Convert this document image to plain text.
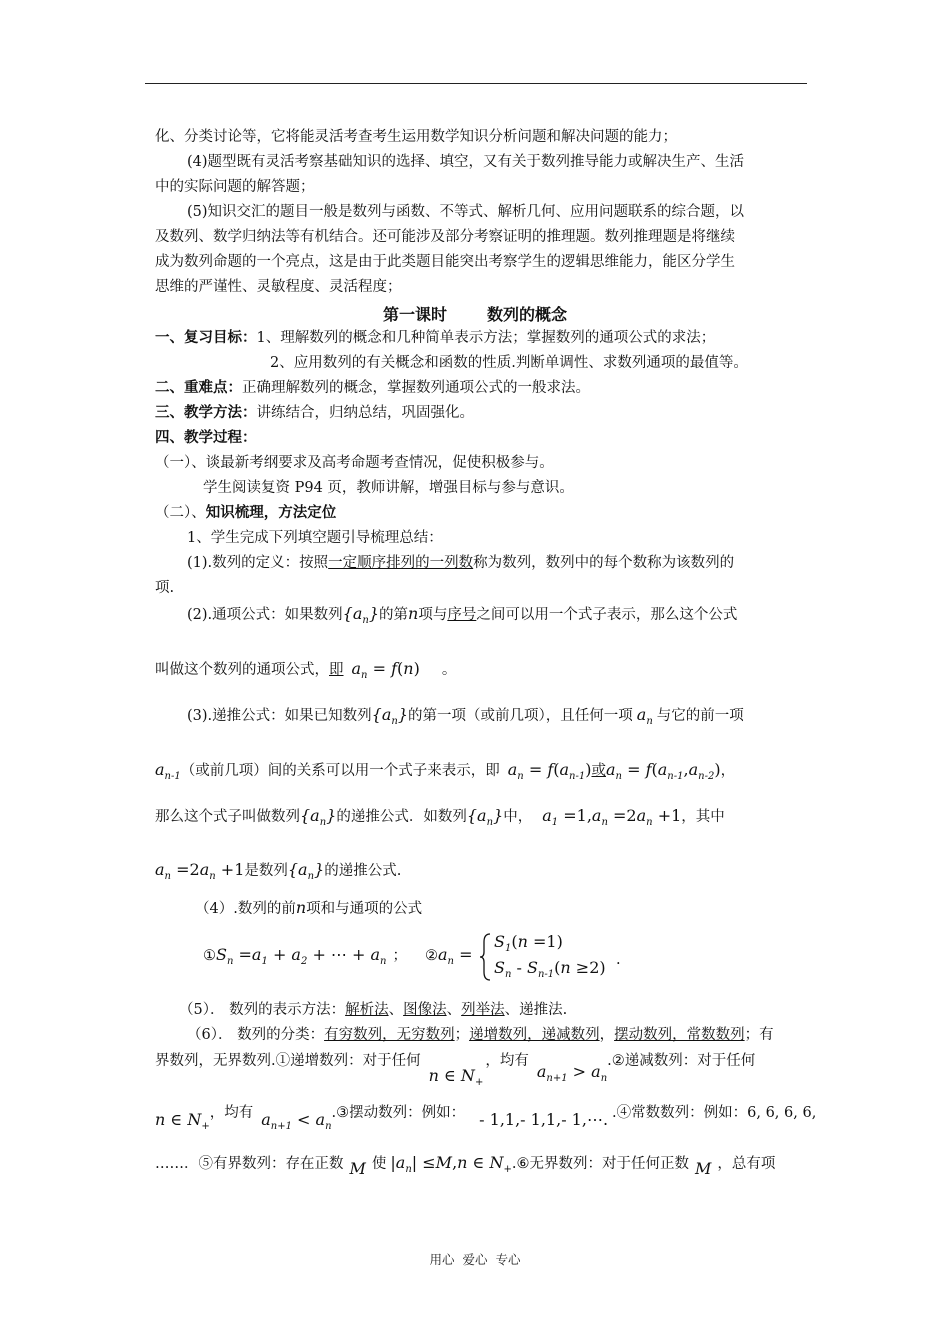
化、分类讨论等，它将能灵活考查考生运用数学知识分析问题和解决问题的能力；
(4)题型既有灵活考察基础知识的选择、填空，又有关于数列推导能力或解决生产、生活
中的实际问题的解答题；
(5)知识交汇的题目一般是数列与函数、不等式、解析几何、应用问题联系的综合题，以
及数列、数学归纳法等有机结合。还可能涉及部分考察证明的推理题。数列推理题是将继续
成为数列命题的一个亮点，这是由于此类题目能突出考察学生的逻辑思维能力，能区分学生
思维的严谨性、灵敏程度、灵活程度；
第一课时	数列的概念
一、复习目标：1、理解数列的概念和几种简单表示方法；掌握数列的通项公式的求法；
2、应用数列的有关概念和函数的性质.判断单调性、求数列通项的最值等。
二、重难点：正确理解数列的概念，掌握数列通项公式的一般求法。
三、教学方法：讲练结合，归纳总结，巩固强化。
四、教学过程：
（一）、谈最新考纲要求及高考命题考查情况，促使积极参与。
学生阅读复资 P94 页，教师讲解，增强目标与参与意识。
（二）、知识梳理，方法定位
1、学生完成下列填空题引导梳理总结：
(1).数列的定义：按照一定顺序排列的一列数称为数列，数列中的每个数称为该数列的
项.
(2).通项公式：如果数列$\{a_n\}$的第n项与序号之间可以用一个式子表示，那么这个公式
叫做这个数列的通项公式，即 $a_n = f(n)$ 。
(3).递推公式：如果已知数列$\{a_n\}$的第一项（或前几项），且任何一项 $a_n$ 与它的前一项
$a_{n-1}$（或前几项）间的关系可以用一个式子来表示，即 $a_n = f(a_{n-1})$或$a_n = f(a_{n-1},a_{n-2})$，
那么这个式子叫做数列$\{a_n\}$的递推公式．如数列$\{a_n\}$中， $a_1 =1,a_n =2a_n +1$，其中
$a_n =2a_n +1$是数列$\{a_n\}$的递推公式.
（4）.数列的前n项和与通项的公式
$①S_n =a_1 + a_2$ + ⋯ + $a_n$ ； $②a_n$ =
$S_1(n =1)$
$S_n - S_{n-1}(n \ge 2)$ .
（5）． 数列的表示方法：解析法、图像法、列举法、递推法.
（6）． 数列的分类：有穷数列，无穷数列；递增数列，递减数列，摆动数列，常数数列；有
界数列，无界数列.①递增数列：对于任何n ∈ $N_+$，均有$a_{n+1}$ > $a_n.②$递减数列：对于任何
n ∈ $N_+$，均有 $a_{n+1}$ < $a_n.③$摆动数列：例如： - 1,1,- 1,1,- 1,⋯. .④常数数列：例如：6, 6, 6, 6,
……．⑤有界数列：存在正数 M 使 $|a_n| \le M,n$ ∈ $N_+.⑥$无界数列：对于任何正数 M ，总有项
用心 爱心 专心
